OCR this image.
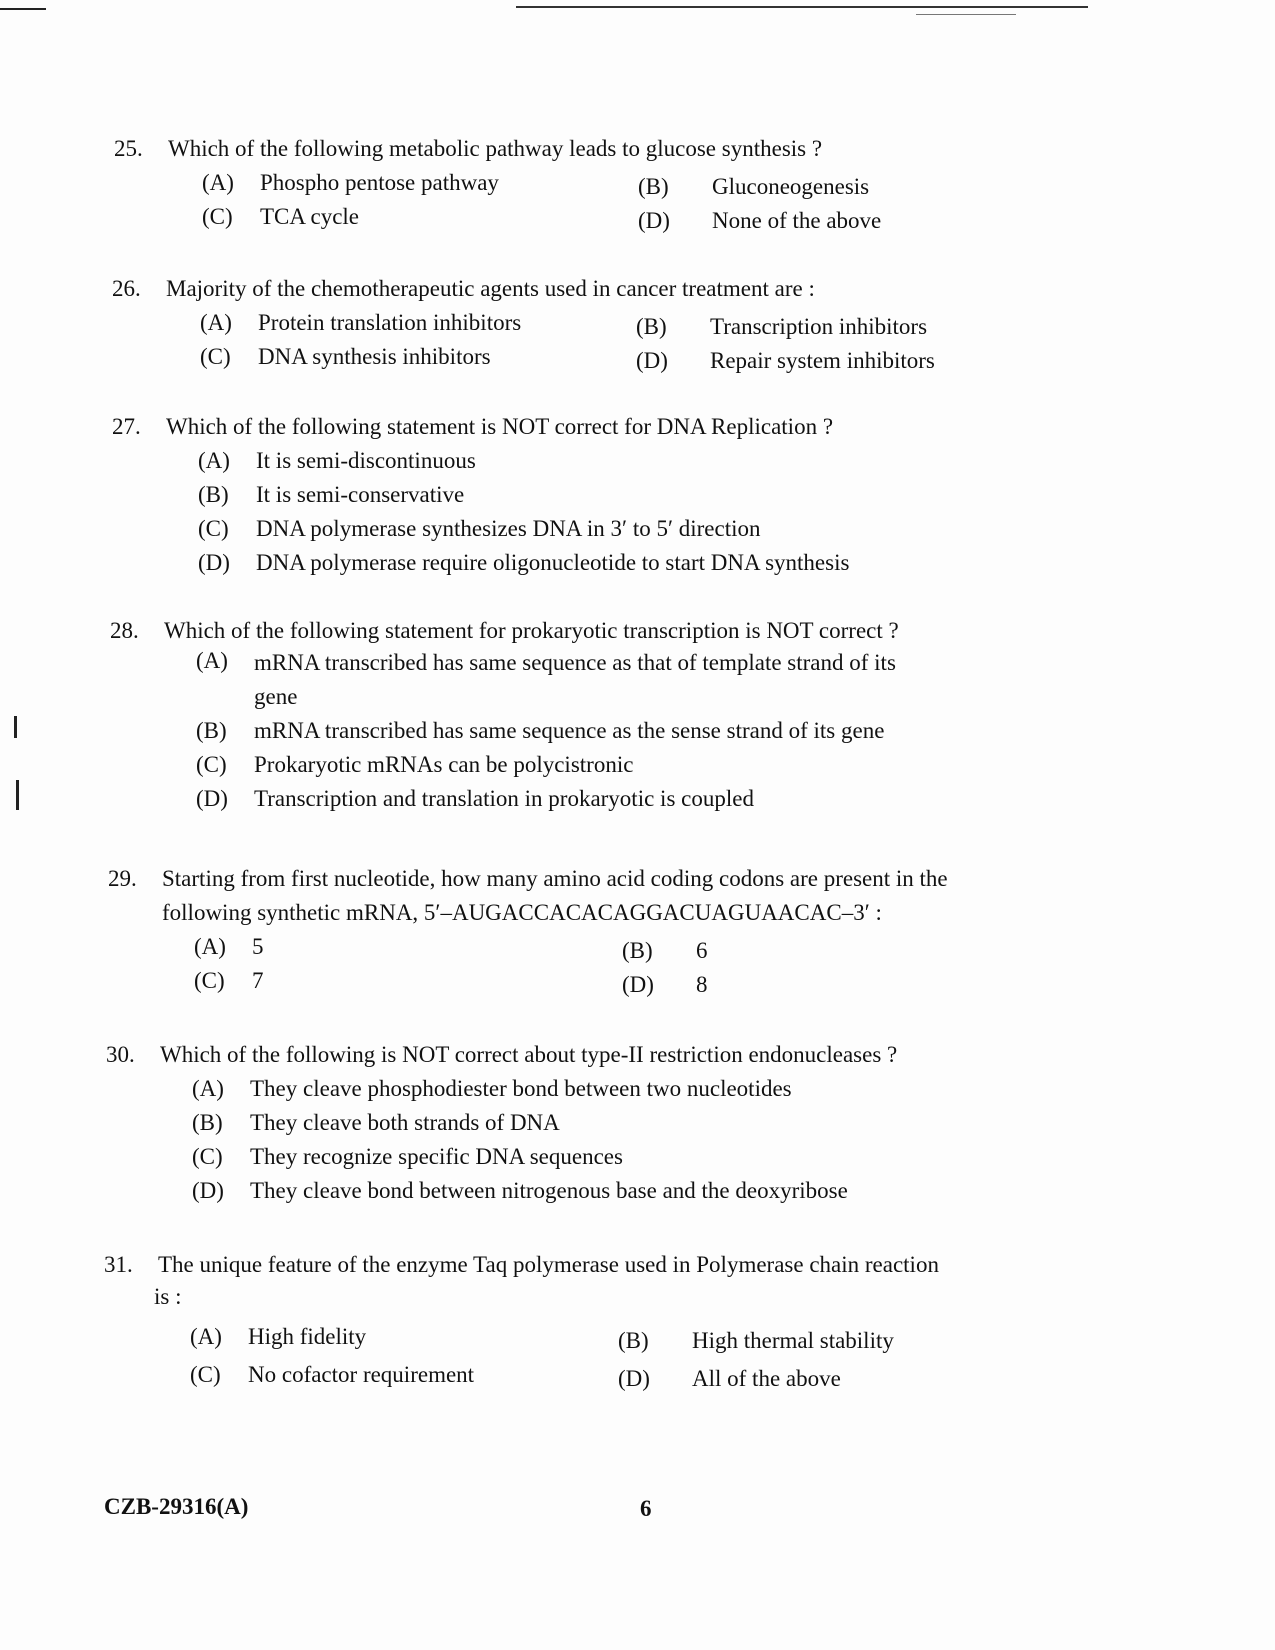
25. Which of the following metabolic pathway leads to glucose synthesis ?
(A) Phospho pentose pathway	(B) Gluconeogenesis
(C) TCA cycle	(D) None of the above
26. Majority of the chemotherapeutic agents used in cancer treatment are :
(A) Protein translation inhibitors	(B) Transcription inhibitors
(C) DNA synthesis inhibitors	(D) Repair system inhibitors
27. Which of the following statement is NOT correct for DNA Replication ?
(A) It is semi-discontinuous
(B) It is semi-conservative
(C) DNA polymerase synthesizes DNA in 3′ to 5′ direction
(D) DNA polymerase require oligonucleotide to start DNA synthesis
28. Which of the following statement for prokaryotic transcription is NOT correct ?
(A)	mRNA transcribed has same sequence as that of template strand of its gene
(B) mRNA transcribed has same sequence as the sense strand of its gene
(C) Prokaryotic mRNAs can be polycistronic
(D) Transcription and translation in prokaryotic is coupled
29. Starting from first nucleotide, how many amino acid coding codons are present in the
following synthetic mRNA, 5′–AUGACCACACAGGACUAGUAACAC–3′ :
(A) 5	(B) 6
(C) 7	(D) 8
30. Which of the following is NOT correct about type-II restriction endonucleases ?
(A) They cleave phosphodiester bond between two nucleotides
(B) They cleave both strands of DNA
(C) They recognize specific DNA sequences
(D) They cleave bond between nitrogenous base and the deoxyribose
31. The unique feature of the enzyme Taq polymerase used in Polymerase chain reaction
is :
(A) High fidelity	(B) High thermal stability
(C) No cofactor requirement	(D) All of the above
CZB-29316(A)	6
